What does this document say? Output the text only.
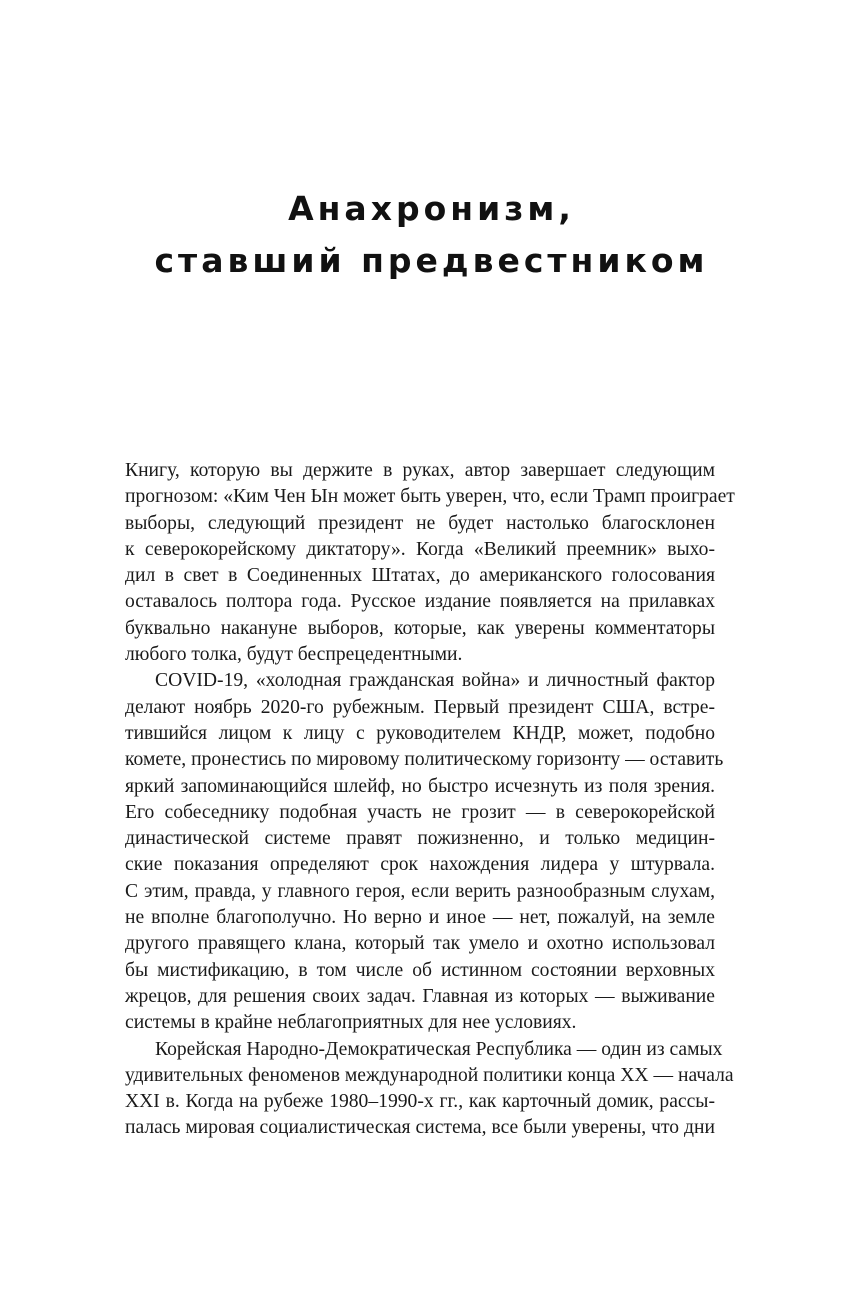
Анахронизм,
ставший предвестником

Книгу, которую вы держите в руках, автор завершает следующим
прогнозом: «Ким Чен Ын может быть уверен, что, если Трамп проиграет
выборы, следующий президент не будет настолько благосклонен
к северокорейскому диктатору». Когда «Великий преемник» выхо-
дил в свет в Соединенных Штатах, до американского голосования
оставалось полтора года. Русское издание появляется на прилавках
буквально накануне выборов, которые, как уверены комментаторы
любого толка, будут беспрецедентными.

COVID-19, «холодная гражданская война» и личностный фактор
делают ноябрь 2020-го рубежным. Первый президент США, встре-
тившийся лицом к лицу с руководителем КНДР, может, подобно
комете, пронестись по мировому политическому горизонту — оставить
яркий запоминающийся шлейф, но быстро исчезнуть из поля зрения.
Его собеседнику подобная участь не грозит — в северокорейской
династической системе правят пожизненно, и только медицин-
ские показания определяют срок нахождения лидера у штурвала.
С этим, правда, у главного героя, если верить разнообразным слухам,
не вполне благополучно. Но верно и иное — нет, пожалуй, на земле
другого правящего клана, который так умело и охотно использовал
бы мистификацию, в том числе об истинном состоянии верховных
жрецов, для решения своих задач. Главная из которых — выживание
системы в крайне неблагоприятных для нее условиях.

Корейская Народно-Демократическая Республика — один из самых
удивительных феноменов международной политики конца XX — начала
XXI в. Когда на рубеже 1980–1990-х гг., как карточный домик, рассы-
палась мировая социалистическая система, все были уверены, что дни
